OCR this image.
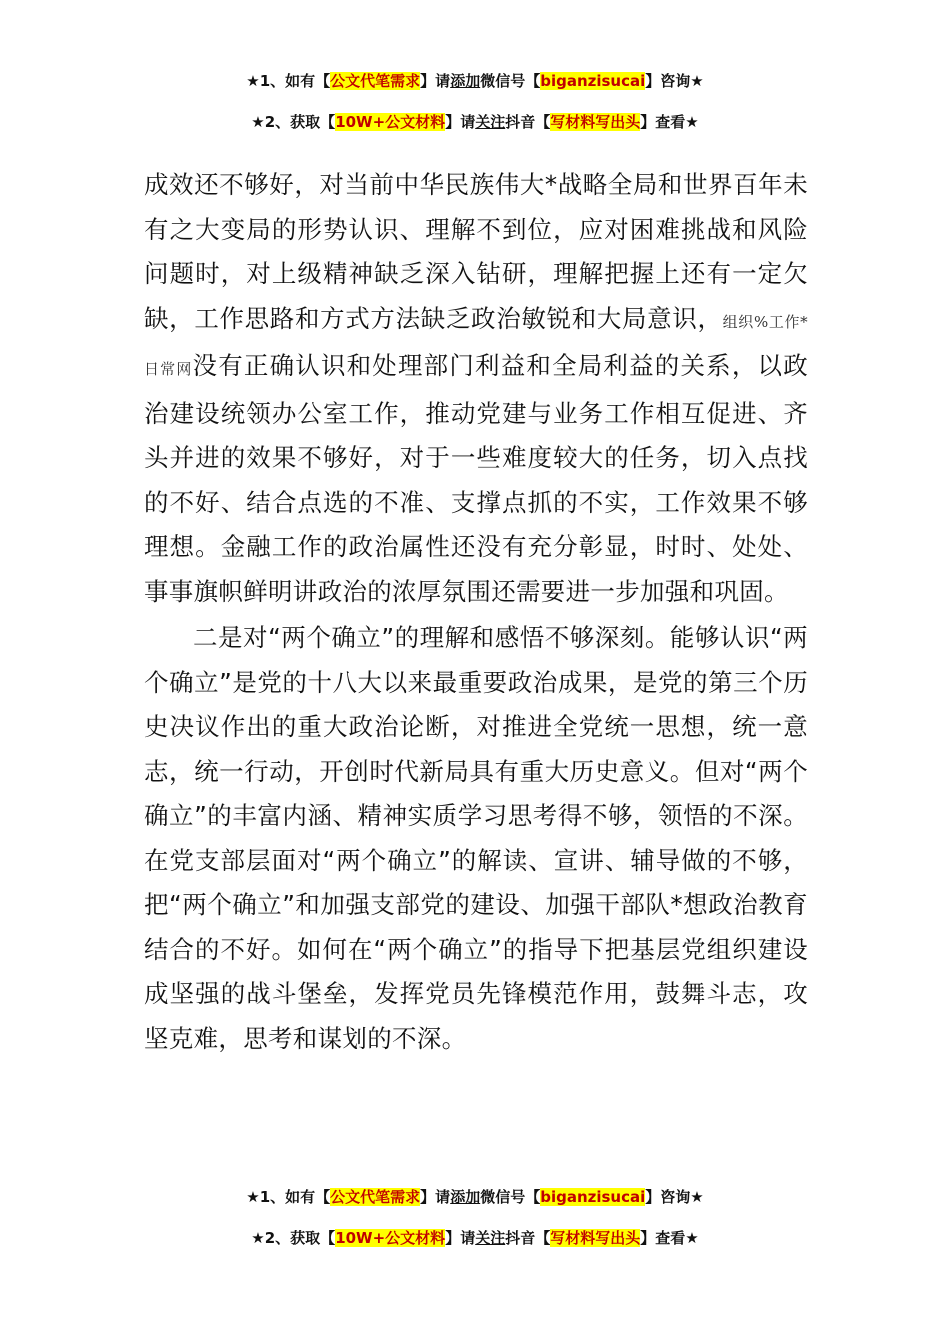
★1、如有【公文代笔需求】请添加微信号【biganzisucai】咨询★
★2、获取【10W+公文材料】请关注抖音【写材料写出头】查看★

成效还不够好，对当前中华民族伟大*战略全局和世界百年未有之大变局的形势认识、理解不到位，应对困难挑战和风险问题时，对上级精神缺乏深入钻研，理解把握上还有一定欠缺，工作思路和方式方法缺乏政治敏锐和大局意识，组织%工作*日常网没有正确认识和处理部门利益和全局利益的关系，以政治建设统领办公室工作，推动党建与业务工作相互促进、齐头并进的效果不够好，对于一些难度较大的任务，切入点找的不好、结合点选的不准、支撑点抓的不实，工作效果不够理想。金融工作的政治属性还没有充分彰显，时时、处处、事事旗帜鲜明讲政治的浓厚氛围还需要进一步加强和巩固。

二是对“两个确立”的理解和感悟不够深刻。能够认识“两个确立”是党的十八大以来最重要政治成果，是党的第三个历史决议作出的重大政治论断，对推进全党统一思想，统一意志，统一行动，开创时代新局具有重大历史意义。但对“两个确立”的丰富内涵、精神实质学习思考得不够，领悟的不深。在党支部层面对“两个确立”的解读、宣讲、辅导做的不够，把“两个确立”和加强支部党的建设、加强干部队*想政治教育结合的不好。如何在“两个确立”的指导下把基层党组织建设成坚强的战斗堡垒，发挥党员先锋模范作用，鼓舞斗志，攻坚克难，思考和谋划的不深。

★1、如有【公文代笔需求】请添加微信号【biganzisucai】咨询★
★2、获取【10W+公文材料】请关注抖音【写材料写出头】查看★
